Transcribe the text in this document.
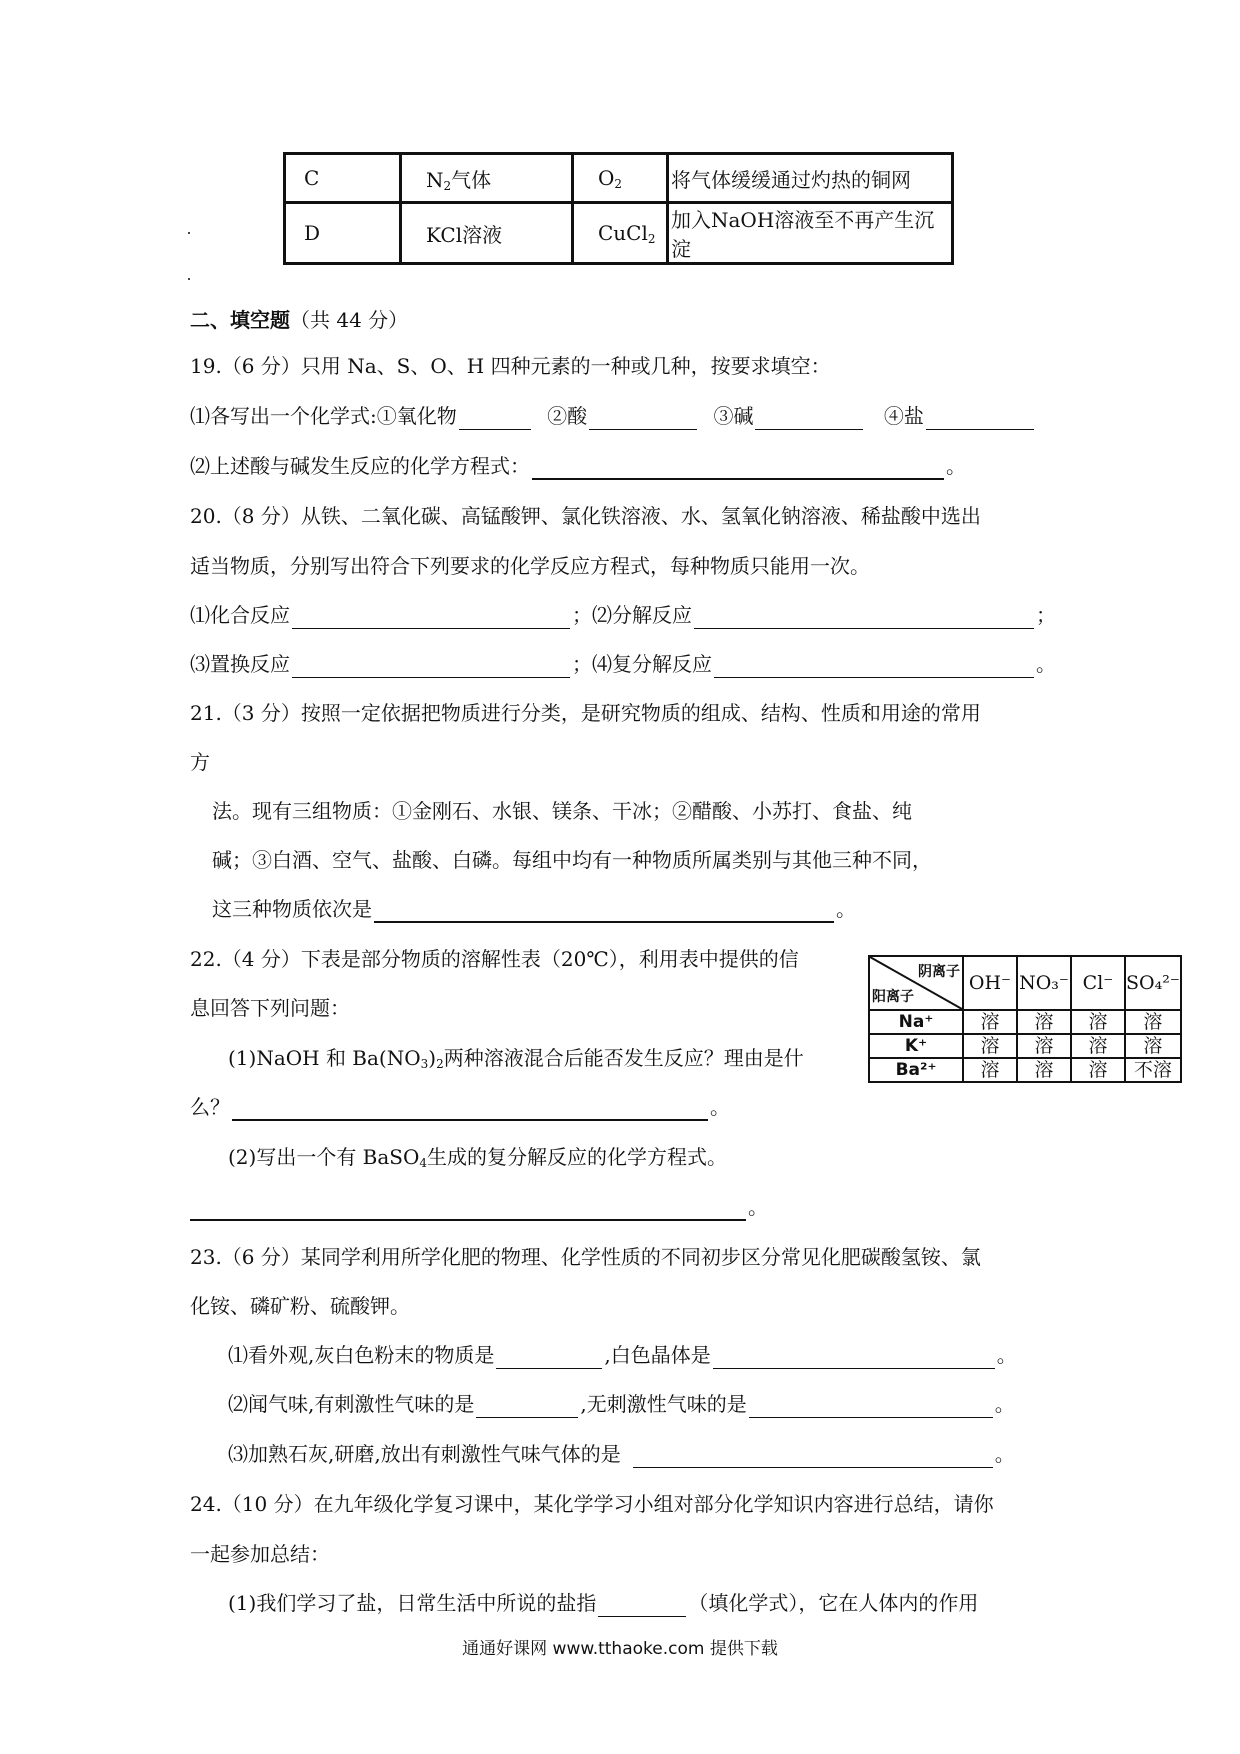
C	$N_2$气体	$O_2$	将气体缓缓通过灼热的铜网
D	KCl溶液	CuCl$_2$	加入NaOH溶液至不再产生沉淀
二、填空题（共 44 分）
19.（6 分）只用 Na、S、O、H 四种元素的一种或几种，按要求填空：
⑴各写出一个化学式:①氧化物	②酸	③碱	④盐
⑵上述酸与碱发生反应的化学方程式：	。
20.（8 分）从铁、二氧化碳、高锰酸钾、氯化铁溶液、水、氢氧化钠溶液、稀盐酸中选出
适当物质，分别写出符合下列要求的化学反应方程式，每种物质只能用一次。
⑴化合反应	；⑵分解反应	；
⑶置换反应	；⑷复分解反应	。
21.（3 分）按照一定依据把物质进行分类，是研究物质的组成、结构、性质和用途的常用
方
法。现有三组物质：①金刚石、水银、镁条、干冰；②醋酸、小苏打、食盐、纯
碱；③白酒、空气、盐酸、白磷。每组中均有一种物质所属类别与其他三种不同，
这三种物质依次是	。
22.（4 分）下表是部分物质的溶解性表（20℃），利用表中提供的信
息回答下列问题：
(1)NaOH 和 $Ba(NO_3)_2$两种溶液混合后能否发生反应？理由是什
么？	。
(2)写出一个有 BaSO$_4$生成的复分解反应的化学方程式。
。
阴离子
阳离子	OH⁻	NO₃⁻	Cl⁻	SO₄²⁻
Na⁺	溶	溶	溶	溶
K⁺	溶	溶	溶	溶
Ba²⁺	溶	溶	溶	不溶
23.（6 分）某同学利用所学化肥的物理、化学性质的不同初步区分常见化肥碳酸氢铵、氯
化铵、磷矿粉、硫酸钾。
⑴看外观,灰白色粉末的物质是	,白色晶体是	。
⑵闻气味,有刺激性气味的是	,无刺激性气味的是	。
⑶加熟石灰,研磨,放出有刺激性气味气体的是	。
24.（10 分）在九年级化学复习课中，某化学学习小组对部分化学知识内容进行总结，请你
一起参加总结：
(1)我们学习了盐，日常生活中所说的盐指	（填化学式），它在人体内的作用
通通好课网 www.tthaoke.com 提供下载
